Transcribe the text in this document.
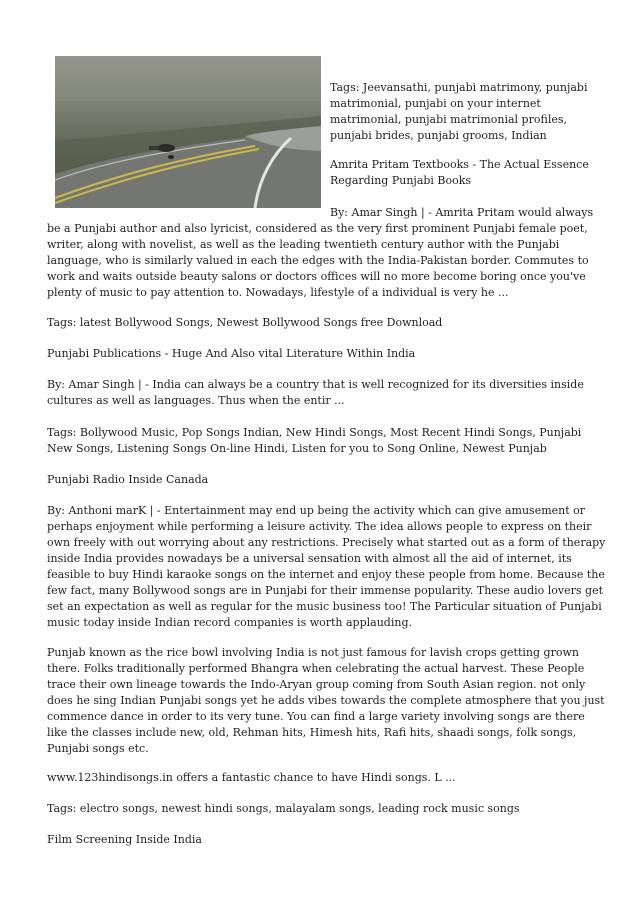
Tags: Jeevansathi, punjabi matrimony, punjabi matrimonial, punjabi on your internet matrimonial, punjabi matrimonial profiles, punjabi brides, punjabi grooms, Indian

Amrita Pritam Textbooks - The Actual Essence Regarding Punjabi Books

By: Amar Singh | - Amrita Pritam would always

be a Punjabi author and also lyricist, considered as the very first prominent Punjabi female poet, writer, along with novelist, as well as the leading twentieth century author with the Punjabi language, who is similarly valued in each the edges with the India-Pakistan border. Commutes to work and waits outside beauty salons or doctors offices will no more become boring once you've plenty of music to pay attention to. Nowadays, lifestyle of a individual is very he ...

Tags: latest Bollywood Songs, Newest Bollywood Songs free Download

Punjabi Publications - Huge And Also vital Literature Within India

By: Amar Singh | - India can always be a country that is well recognized for its diversities inside cultures as well as languages. Thus when the entir ...

Tags: Bollywood Music, Pop Songs Indian, New Hindi Songs, Most Recent Hindi Songs, Punjabi New Songs, Listening Songs On-line Hindi, Listen for you to Song Online, Newest Punjab

Punjabi Radio Inside Canada

By: Anthoni marK | - Entertainment may end up being the activity which can give amusement or perhaps enjoyment while performing a leisure activity. The idea allows people to express on their own freely with out worrying about any restrictions. Precisely what started out as a form of therapy inside India provides nowadays be a universal sensation with almost all the aid of internet, its feasible to buy Hindi karaoke songs on the internet and enjoy these people from home. Because the few fact, many Bollywood songs are in Punjabi for their immense popularity. These audio lovers get set an expectation as well as regular for the music business too! The Particular situation of Punjabi music today inside Indian record companies is worth applauding.

Punjab known as the rice bowl involving India is not just famous for lavish crops getting grown there. Folks traditionally performed Bhangra when celebrating the actual harvest. These People trace their own lineage towards the Indo-Aryan group coming from South Asian region. not only does he sing Indian Punjabi songs yet he adds vibes towards the complete atmosphere that you just commence dance in order to its very tune. You can find a large variety involving songs are there like the classes include new, old, Rehman hits, Himesh hits, Rafi hits, shaadi songs, folk songs, Punjabi songs etc.

www.123hindisongs.in offers a fantastic chance to have Hindi songs. L ...

Tags: electro songs, newest hindi songs, malayalam songs, leading rock music songs

Film Screening Inside India
